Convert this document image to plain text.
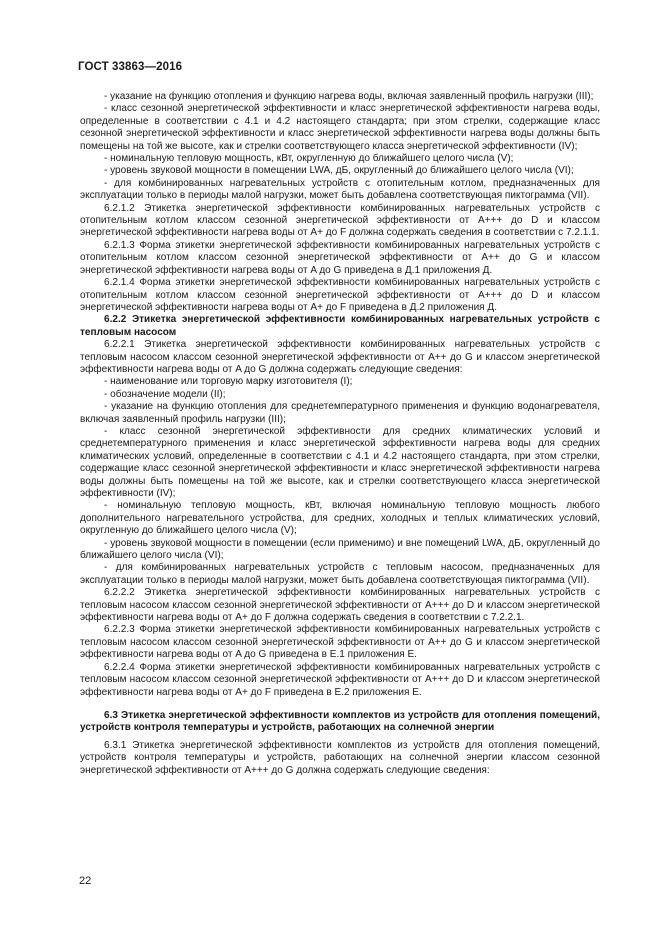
ГОСТ 33863—2016

- указание на функцию отопления и функцию нагрева воды, включая заявленный профиль нагрузки (III);

- класс сезонной энергетической эффективности и класс энергетической эффективности нагрева воды, определенные в соответствии с 4.1 и 4.2 настоящего стандарта; при этом стрелки, содержащие класс сезонной энергетической эффективности и класс энергетической эффективности нагрева воды должны быть помещены на той же высоте, как и стрелки соответствующего класса энергетической эффективности (IV);

- номинальную тепловую мощность, кВт, округленную до ближайшего целого числа (V);

- уровень звуковой мощности в помещении LWA, дБ, округленный до ближайшего целого числа (VI);

- для комбинированных нагревательных устройств с отопительным котлом, предназначенных для эксплуатации только в периоды малой нагрузки, может быть добавлена соответствующая пиктограмма (VII).

6.2.1.2 Этикетка энергетической эффективности комбинированных нагревательных устройств с отопительным котлом классом сезонной энергетической эффективности от A+++ до D и классом энергетической эффективности нагрева воды от A+ до F должна содержать сведения в соответствии с 7.2.1.1.

6.2.1.3 Форма этикетки энергетической эффективности комбинированных нагревательных устройств с отопительным котлом классом сезонной энергетической эффективности от A++ до G и классом энергетической эффективности нагрева воды от A до G приведена в Д.1 приложения Д.

6.2.1.4 Форма этикетки энергетической эффективности комбинированных нагревательных устройств с отопительным котлом классом сезонной энергетической эффективности от A+++ до D и классом энергетической эффективности нагрева воды от A+ до F приведена в Д.2 приложения Д.

6.2.2 Этикетка энергетической эффективности комбинированных нагревательных устройств с тепловым насосом

6.2.2.1 Этикетка энергетической эффективности комбинированных нагревательных устройств с тепловым насосом классом сезонной энергетической эффективности от A++ до G и классом энергетической эффективности нагрева воды от A до G должна содержать следующие сведения:

- наименование или торговую марку изготовителя (I);

- обозначение модели (II);

- указание на функцию отопления для среднетемпературного применения и функцию водонагревателя, включая заявленный профиль нагрузки (III);

- класс сезонной энергетической эффективности для средних климатических условий и среднетемпературного применения и класс энергетической эффективности нагрева воды для средних климатических условий, определенные в соответствии с 4.1 и 4.2 настоящего стандарта, при этом стрелки, содержащие класс сезонной энергетической эффективности и класс энергетической эффективности нагрева воды должны быть помещены на той же высоте, как и стрелки соответствующего класса энергетической эффективности (IV);

- номинальную тепловую мощность, кВт, включая номинальную тепловую мощность любого дополнительного нагревательного устройства, для средних, холодных и теплых климатических условий, округленную до ближайшего целого числа (V);

- уровень звуковой мощности в помещении (если применимо) и вне помещений LWA, дБ, округленный до ближайшего целого числа (VI);

- для комбинированных нагревательных устройств с тепловым насосом, предназначенных для эксплуатации только в периоды малой нагрузки, может быть добавлена соответствующая пиктограмма (VII).

6.2.2.2 Этикетка энергетической эффективности комбинированных нагревательных устройств с тепловым насосом классом сезонной энергетической эффективности от A+++ до D и классом энергетической эффективности нагрева воды от A+ до F должна содержать сведения в соответствии с 7.2.2.1.

6.2.2.3 Форма этикетки энергетической эффективности комбинированных нагревательных устройств с тепловым насосом классом сезонной энергетической эффективности от A++ до G и классом энергетической эффективности нагрева воды от A до G приведена в Е.1 приложения Е.

6.2.2.4 Форма этикетки энергетической эффективности комбинированных нагревательных устройств с тепловым насосом классом сезонной энергетической эффективности от A+++ до D и классом энергетической эффективности нагрева воды от A+ до F приведена в Е.2 приложения Е.

6.3 Этикетка энергетической эффективности комплектов из устройств для отопления помещений, устройств контроля температуры и устройств, работающих на солнечной энергии

6.3.1 Этикетка энергетической эффективности комплектов из устройств для отопления помещений, устройств контроля температуры и устройств, работающих на солнечной энергии классом сезонной энергетической эффективности от A+++ до G должна содержать следующие сведения:

22
